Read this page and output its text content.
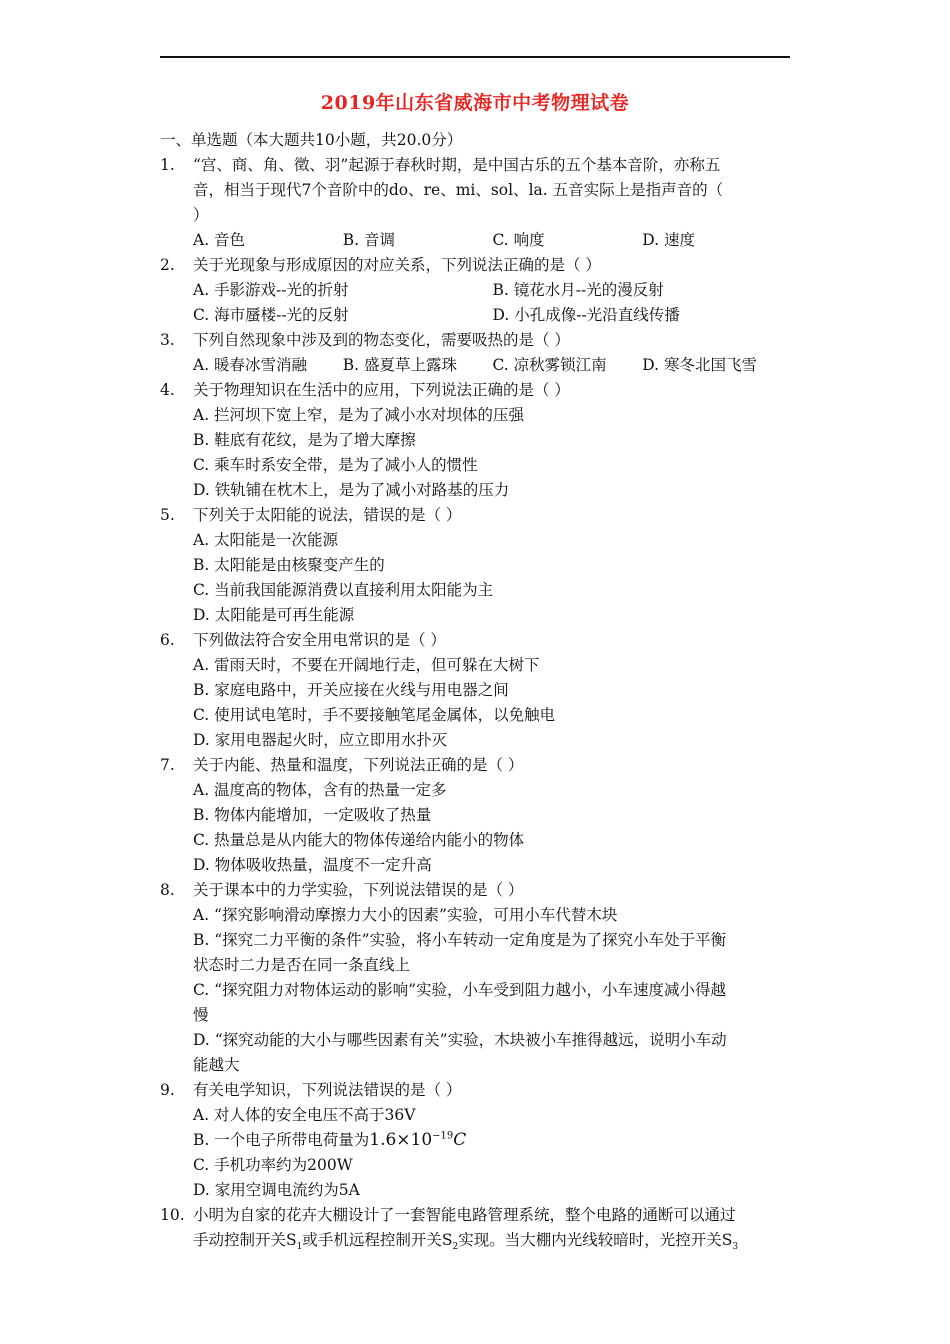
2019年山东省威海市中考物理试卷
一、单选题（本大题共10小题，共20.0分）
1. “宫、商、角、徵、羽”起源于春秋时期，是中国古乐的五个基本音阶，亦称五
音，相当于现代7个音阶中的do、re、mi、sol、la. 五音实际上是指声音的（
）
A. 音色	B. 音调	C. 响度	D. 速度
2. 关于光现象与形成原因的对应关系，下列说法正确的是（ ）
A. 手影游戏--光的折射	B. 镜花水月--光的漫反射
C. 海市蜃楼--光的反射	D. 小孔成像--光沿直线传播
3. 下列自然现象中涉及到的物态变化，需要吸热的是（ ）
A. 暖春冰雪消融	B. 盛夏草上露珠	C. 凉秋雾锁江南	D. 寒冬北国飞雪
4. 关于物理知识在生活中的应用，下列说法正确的是（ ）
A. 拦河坝下宽上窄，是为了减小水对坝体的压强
B. 鞋底有花纹，是为了增大摩擦
C. 乘车时系安全带，是为了减小人的惯性
D. 铁轨铺在枕木上，是为了减小对路基的压力
5. 下列关于太阳能的说法，错误的是（ ）
A. 太阳能是一次能源
B. 太阳能是由核聚变产生的
C. 当前我国能源消费以直接利用太阳能为主
D. 太阳能是可再生能源
6. 下列做法符合安全用电常识的是（ ）
A. 雷雨天时，不要在开阔地行走，但可躲在大树下
B. 家庭电路中，开关应接在火线与用电器之间
C. 使用试电笔时，手不要接触笔尾金属体，以免触电
D. 家用电器起火时，应立即用水扑灭
7. 关于内能、热量和温度，下列说法正确的是（ ）
A. 温度高的物体，含有的热量一定多
B. 物体内能增加，一定吸收了热量
C. 热量总是从内能大的物体传递给内能小的物体
D. 物体吸收热量，温度不一定升高
8. 关于课本中的力学实验，下列说法错误的是（ ）
A. “探究影响滑动摩擦力大小的因素”实验，可用小车代替木块
B. “探究二力平衡的条件”实验，将小车转动一定角度是为了探究小车处于平衡
状态时二力是否在同一条直线上
C. “探究阻力对物体运动的影响”实验，小车受到阻力越小，小车速度减小得越
慢
D. “探究动能的大小与哪些因素有关”实验，木块被小车推得越远，说明小车动
能越大
9. 有关电学知识，下列说法错误的是（ ）
A. 对人体的安全电压不高于36V
B. 一个电子所带电荷量为$1.6\times 10^{-19}C$
C. 手机功率约为200W
D. 家用空调电流约为5A
10. 小明为自家的花卉大棚设计了一套智能电路管理系统，整个电路的通断可以通过
手动控制开关$S_1$或手机远程控制开关$S_2$实现。当大棚内光线较暗时，光控开关$S_3$
